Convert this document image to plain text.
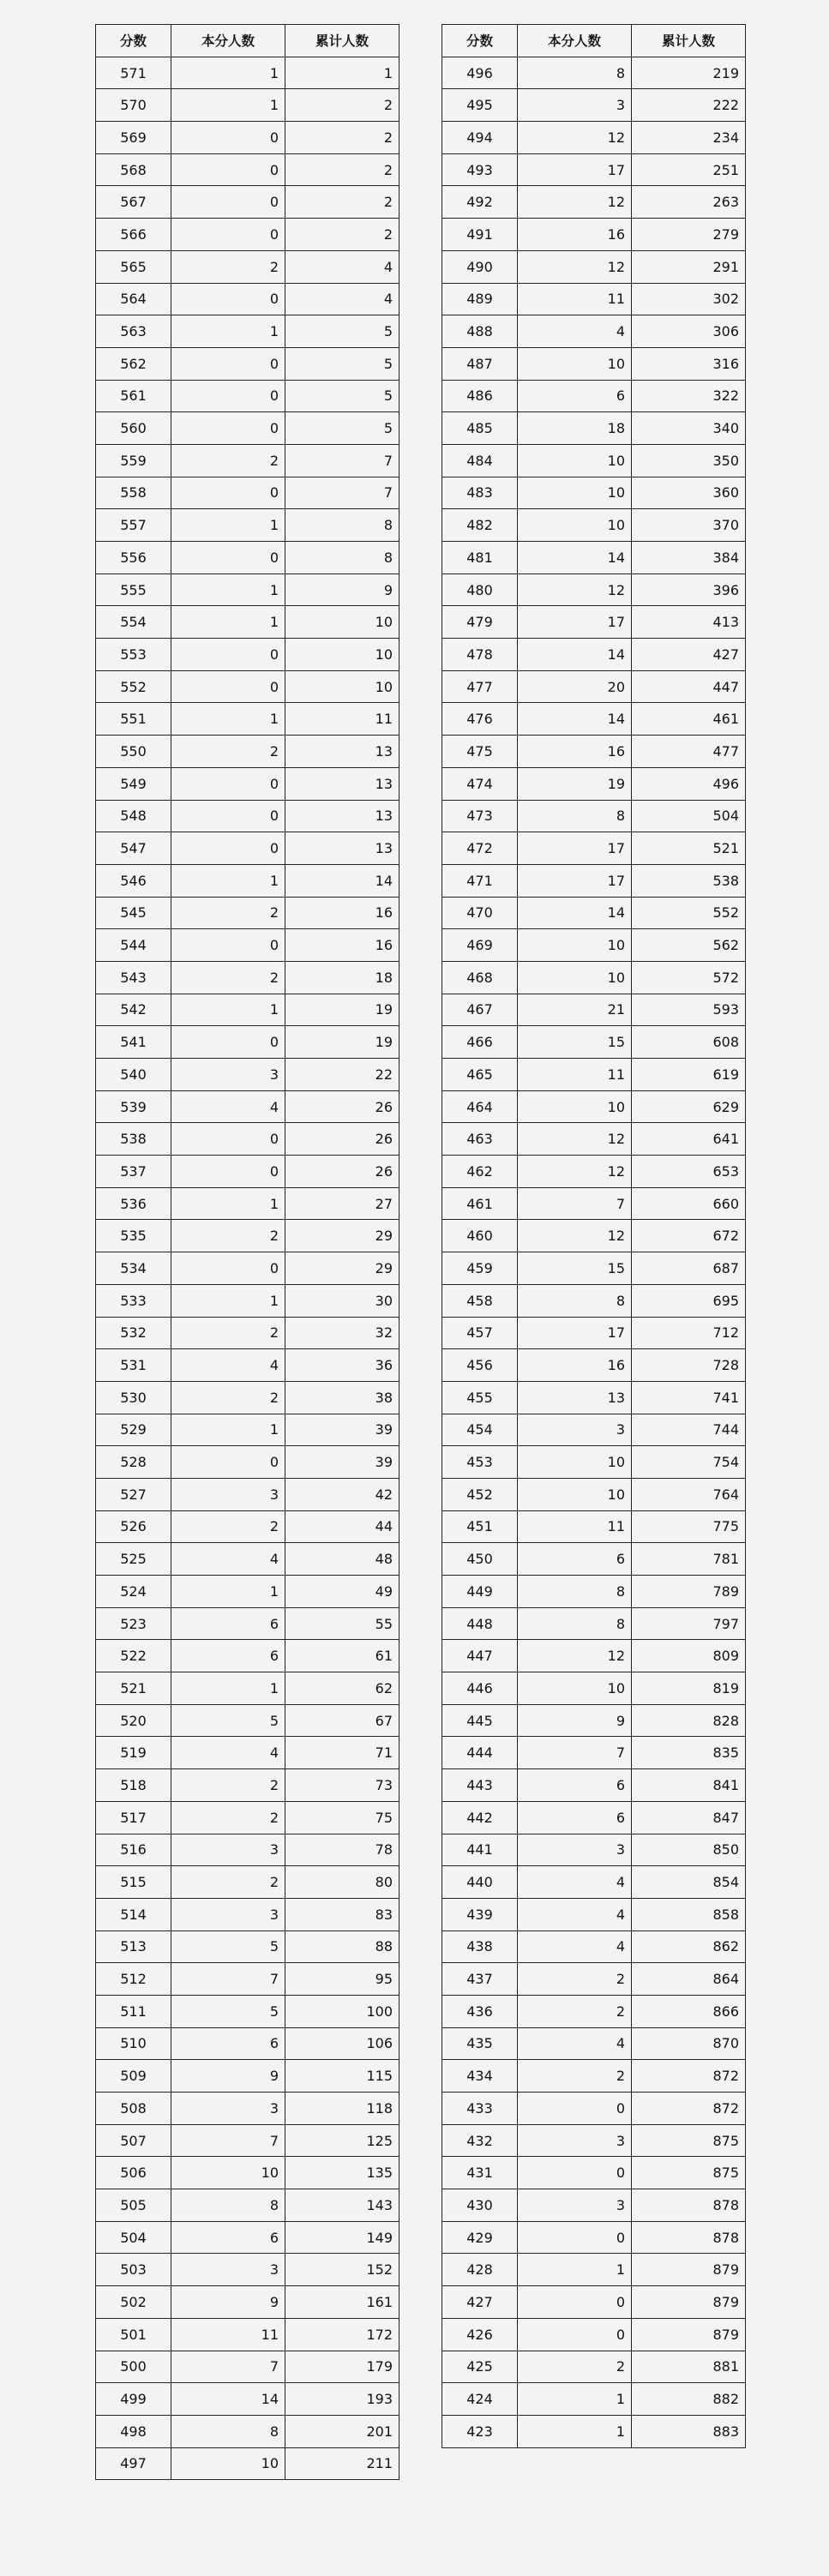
分数	本分人数	累计人数
571	1	1
570	1	2
569	0	2
568	0	2
567	0	2
566	0	2
565	2	4
564	0	4
563	1	5
562	0	5
561	0	5
560	0	5
559	2	7
558	0	7
557	1	8
556	0	8
555	1	9
554	1	10
553	0	10
552	0	10
551	1	11
550	2	13
549	0	13
548	0	13
547	0	13
546	1	14
545	2	16
544	0	16
543	2	18
542	1	19
541	0	19
540	3	22
539	4	26
538	0	26
537	0	26
536	1	27
535	2	29
534	0	29
533	1	30
532	2	32
531	4	36
530	2	38
529	1	39
528	0	39
527	3	42
526	2	44
525	4	48
524	1	49
523	6	55
522	6	61
521	1	62
520	5	67
519	4	71
518	2	73
517	2	75
516	3	78
515	2	80
514	3	83
513	5	88
512	7	95
511	5	100
510	6	106
509	9	115
508	3	118
507	7	125
506	10	135
505	8	143
504	6	149
503	3	152
502	9	161
501	11	172
500	7	179
499	14	193
498	8	201
497	10	211
分数	本分人数	累计人数
496	8	219
495	3	222
494	12	234
493	17	251
492	12	263
491	16	279
490	12	291
489	11	302
488	4	306
487	10	316
486	6	322
485	18	340
484	10	350
483	10	360
482	10	370
481	14	384
480	12	396
479	17	413
478	14	427
477	20	447
476	14	461
475	16	477
474	19	496
473	8	504
472	17	521
471	17	538
470	14	552
469	10	562
468	10	572
467	21	593
466	15	608
465	11	619
464	10	629
463	12	641
462	12	653
461	7	660
460	12	672
459	15	687
458	8	695
457	17	712
456	16	728
455	13	741
454	3	744
453	10	754
452	10	764
451	11	775
450	6	781
449	8	789
448	8	797
447	12	809
446	10	819
445	9	828
444	7	835
443	6	841
442	6	847
441	3	850
440	4	854
439	4	858
438	4	862
437	2	864
436	2	866
435	4	870
434	2	872
433	0	872
432	3	875
431	0	875
430	3	878
429	0	878
428	1	879
427	0	879
426	0	879
425	2	881
424	1	882
423	1	883
